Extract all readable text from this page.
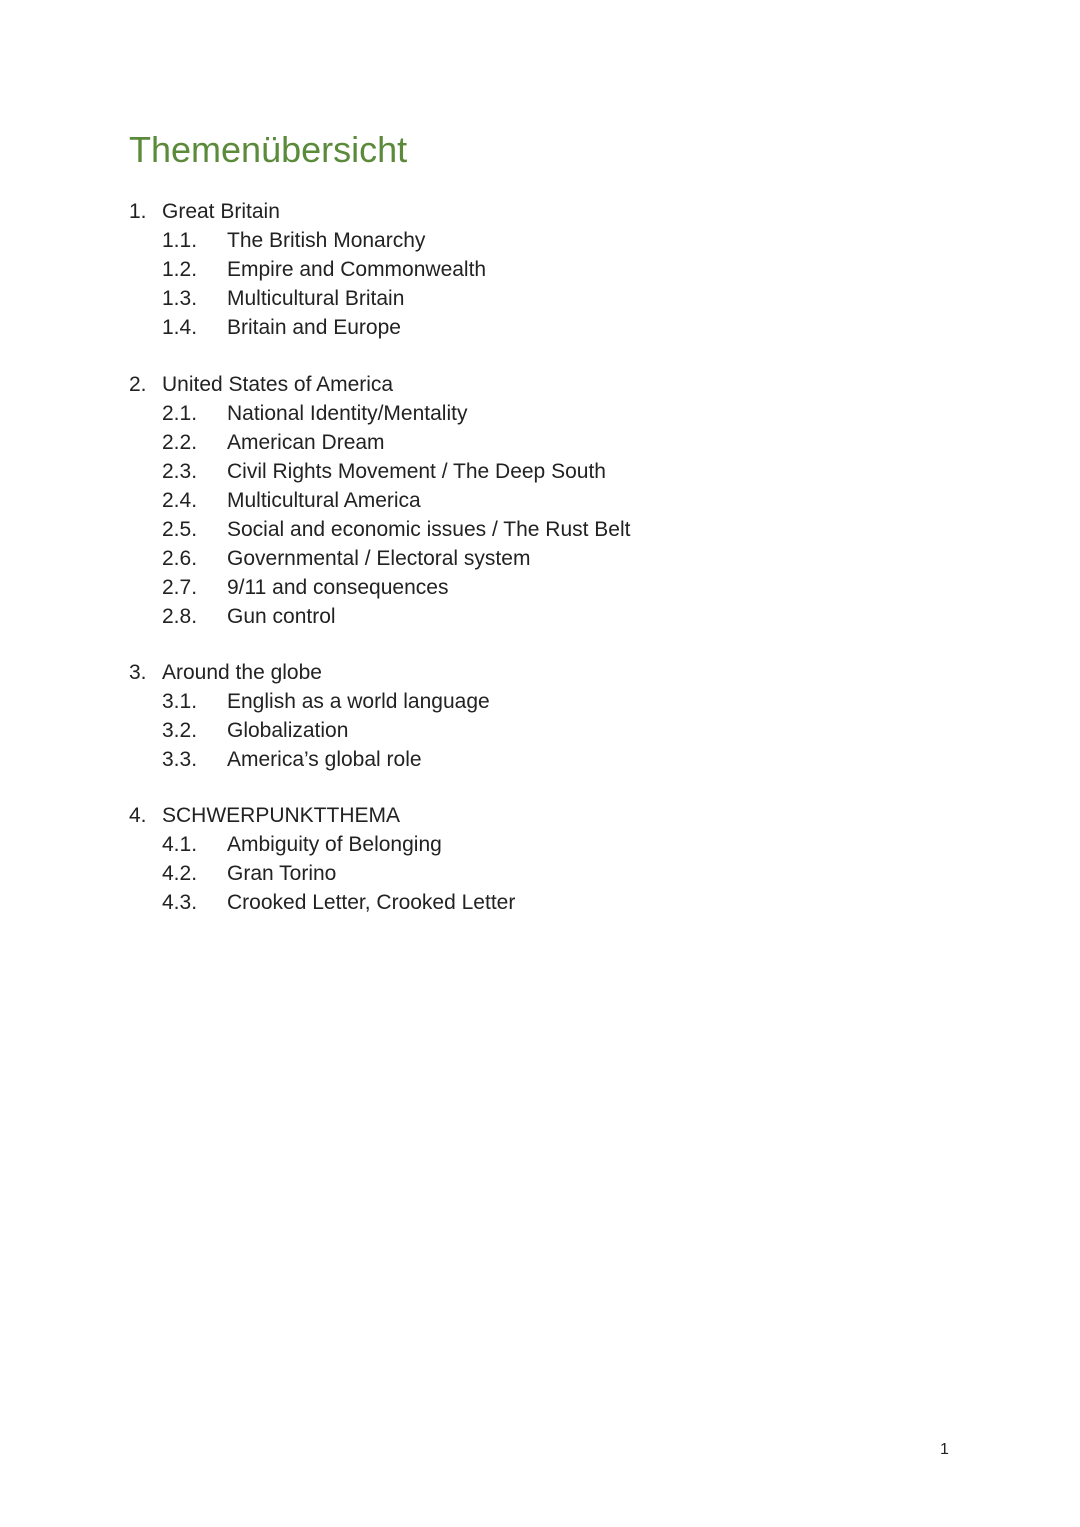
Themenübersicht
1. Great Britain
1.1. The British Monarchy
1.2. Empire and Commonwealth
1.3. Multicultural Britain
1.4. Britain and Europe
2. United States of America
2.1. National Identity/Mentality
2.2. American Dream
2.3. Civil Rights Movement / The Deep South
2.4. Multicultural America
2.5. Social and economic issues / The Rust Belt
2.6. Governmental / Electoral system
2.7. 9/11 and consequences
2.8. Gun control
3. Around the globe
3.1. English as a world language
3.2. Globalization
3.3. America’s global role
4. SCHWERPUNKTTHEMA
4.1. Ambiguity of Belonging
4.2. Gran Torino
4.3. Crooked Letter, Crooked Letter
1
